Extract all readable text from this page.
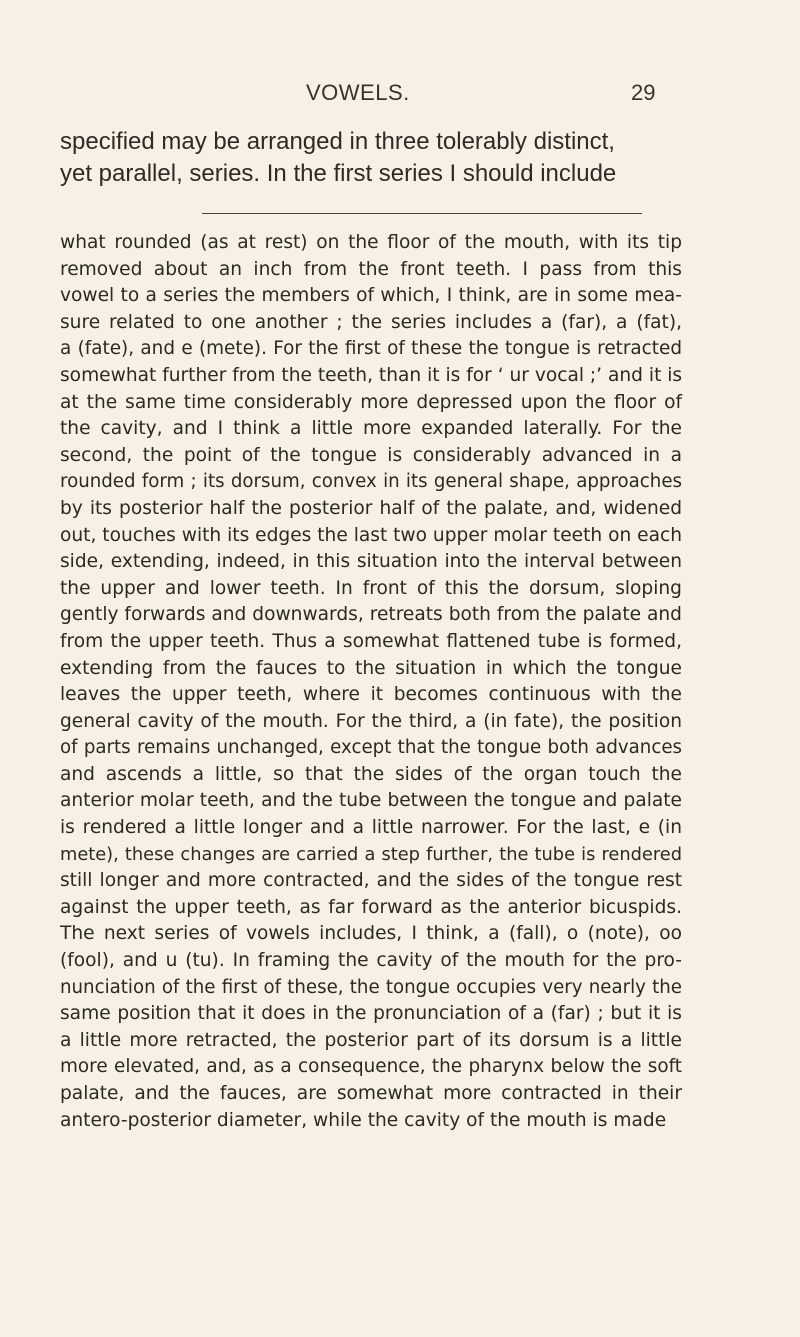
VOWELS.	29
specified may be arranged in three tolerably distinct,
yet parallel, series. In the first series I should include
what rounded (as at rest) on the floor of the mouth, with its tip
removed about an inch from the front teeth. I pass from this
vowel to a series the members of which, I think, are in some mea-
sure related to one another ; the series includes a (far), a (fat),
a (fate), and e (mete). For the first of these the tongue is retracted
somewhat further from the teeth, than it is for ‘ ur vocal ;’ and it is
at the same time considerably more depressed upon the floor of
the cavity, and I think a little more expanded laterally. For the
second, the point of the tongue is considerably advanced in a
rounded form ; its dorsum, convex in its general shape, approaches
by its posterior half the posterior half of the palate, and, widened
out, touches with its edges the last two upper molar teeth on each
side, extending, indeed, in this situation into the interval between
the upper and lower teeth. In front of this the dorsum, sloping
gently forwards and downwards, retreats both from the palate and
from the upper teeth. Thus a somewhat flattened tube is formed,
extending from the fauces to the situation in which the tongue
leaves the upper teeth, where it becomes continuous with the
general cavity of the mouth. For the third, a (in fate), the position
of parts remains unchanged, except that the tongue both advances
and ascends a little, so that the sides of the organ touch the
anterior molar teeth, and the tube between the tongue and palate
is rendered a little longer and a little narrower. For the last, e (in
mete), these changes are carried a step further, the tube is rendered
still longer and more contracted, and the sides of the tongue rest
against the upper teeth, as far forward as the anterior bicuspids.
The next series of vowels includes, I think, a (fall), o (note), oo
(fool), and u (tu). In framing the cavity of the mouth for the pro-
nunciation of the first of these, the tongue occupies very nearly the
same position that it does in the pronunciation of a (far) ; but it is
a little more retracted, the posterior part of its dorsum is a little
more elevated, and, as a consequence, the pharynx below the soft
palate, and the fauces, are somewhat more contracted in their
antero-posterior diameter, while the cavity of the mouth is made
